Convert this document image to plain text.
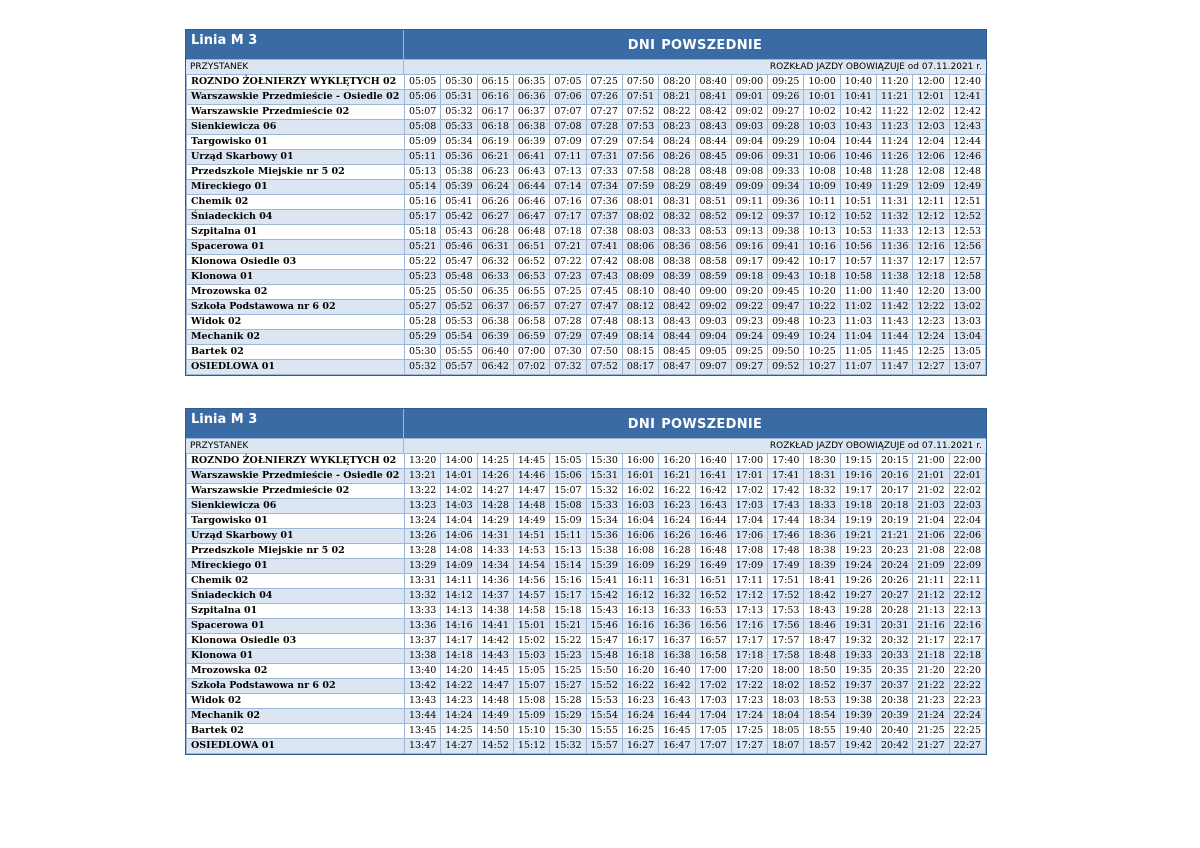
Linia M 3	DNI POWSZEDNIE
PRZYSTANEK	ROZKŁAD JAZDY OBOWIĄZUJE od 07.11.2021 r.
ROZNDO ŻOŁNIERZY WYKLĘTYCH 02	05:05	05:30	06:15	06:35	07:05	07:25	07:50	08:20	08:40	09:00	09:25	10:00	10:40	11:20	12:00	12:40
Warszawskie Przedmieście - Osiedle 02	05:06	05:31	06:16	06:36	07:06	07:26	07:51	08:21	08:41	09:01	09:26	10:01	10:41	11:21	12:01	12:41
Warszawskie Przedmieście 02	05:07	05:32	06:17	06:37	07:07	07:27	07:52	08:22	08:42	09:02	09:27	10:02	10:42	11:22	12:02	12:42
Sienkiewicza 06	05:08	05:33	06:18	06:38	07:08	07:28	07:53	08:23	08:43	09:03	09:28	10:03	10:43	11:23	12:03	12:43
Targowisko 01	05:09	05:34	06:19	06:39	07:09	07:29	07:54	08:24	08:44	09:04	09:29	10:04	10:44	11:24	12:04	12:44
Urząd Skarbowy 01	05:11	05:36	06:21	06:41	07:11	07:31	07:56	08:26	08:45	09:06	09:31	10:06	10:46	11:26	12:06	12:46
Przedszkole Miejskie nr 5 02	05:13	05:38	06:23	06:43	07:13	07:33	07:58	08:28	08:48	09:08	09:33	10:08	10:48	11:28	12:08	12:48
Mireckiego 01	05:14	05:39	06:24	06:44	07:14	07:34	07:59	08:29	08:49	09:09	09:34	10:09	10:49	11:29	12:09	12:49
Chemik 02	05:16	05:41	06:26	06:46	07:16	07:36	08:01	08:31	08:51	09:11	09:36	10:11	10:51	11:31	12:11	12:51
Śniadeckich 04	05:17	05:42	06:27	06:47	07:17	07:37	08:02	08:32	08:52	09:12	09:37	10:12	10:52	11:32	12:12	12:52
Szpitalna 01	05:18	05:43	06:28	06:48	07:18	07:38	08:03	08:33	08:53	09:13	09:38	10:13	10:53	11:33	12:13	12:53
Spacerowa 01	05:21	05:46	06:31	06:51	07:21	07:41	08:06	08:36	08:56	09:16	09:41	10:16	10:56	11:36	12:16	12:56
Klonowa Osiedle 03	05:22	05:47	06:32	06:52	07:22	07:42	08:08	08:38	08:58	09:17	09:42	10:17	10:57	11:37	12:17	12:57
Klonowa 01	05:23	05:48	06:33	06:53	07:23	07:43	08:09	08:39	08:59	09:18	09:43	10:18	10:58	11:38	12:18	12:58
Mrozowska 02	05:25	05:50	06:35	06:55	07:25	07:45	08:10	08:40	09:00	09:20	09:45	10:20	11:00	11:40	12:20	13:00
Szkoła Podstawowa nr 6 02	05:27	05:52	06:37	06:57	07:27	07:47	08:12	08:42	09:02	09:22	09:47	10:22	11:02	11:42	12:22	13:02
Widok 02	05:28	05:53	06:38	06:58	07:28	07:48	08:13	08:43	09:03	09:23	09:48	10:23	11:03	11:43	12:23	13:03
Mechanik 02	05:29	05:54	06:39	06:59	07:29	07:49	08:14	08:44	09:04	09:24	09:49	10:24	11:04	11:44	12:24	13:04
Bartek 02	05:30	05:55	06:40	07:00	07:30	07:50	08:15	08:45	09:05	09:25	09:50	10:25	11:05	11:45	12:25	13:05
OSIEDLOWA 01	05:32	05:57	06:42	07:02	07:32	07:52	08:17	08:47	09:07	09:27	09:52	10:27	11:07	11:47	12:27	13:07
Linia M 3	DNI POWSZEDNIE
PRZYSTANEK	ROZKŁAD JAZDY OBOWIĄZUJE od 07.11.2021 r.
ROZNDO ŻOŁNIERZY WYKLĘTYCH 02	13:20	14:00	14:25	14:45	15:05	15:30	16:00	16:20	16:40	17:00	17:40	18:30	19:15	20:15	21:00	22:00
Warszawskie Przedmieście - Osiedle 02	13:21	14:01	14:26	14:46	15:06	15:31	16:01	16:21	16:41	17:01	17:41	18:31	19:16	20:16	21:01	22:01
Warszawskie Przedmieście 02	13:22	14:02	14:27	14:47	15:07	15:32	16:02	16:22	16:42	17:02	17:42	18:32	19:17	20:17	21:02	22:02
Sienkiewicza 06	13:23	14:03	14:28	14:48	15:08	15:33	16:03	16:23	16:43	17:03	17:43	18:33	19:18	20:18	21:03	22:03
Targowisko 01	13:24	14:04	14:29	14:49	15:09	15:34	16:04	16:24	16:44	17:04	17:44	18:34	19:19	20:19	21:04	22:04
Urząd Skarbowy 01	13:26	14:06	14:31	14:51	15:11	15:36	16:06	16:26	16:46	17:06	17:46	18:36	19:21	21:21	21:06	22:06
Przedszkole Miejskie nr 5 02	13:28	14:08	14:33	14:53	15:13	15:38	16:08	16:28	16:48	17:08	17:48	18:38	19:23	20:23	21:08	22:08
Mireckiego 01	13:29	14:09	14:34	14:54	15:14	15:39	16:09	16:29	16:49	17:09	17:49	18:39	19:24	20:24	21:09	22:09
Chemik 02	13:31	14:11	14:36	14:56	15:16	15:41	16:11	16:31	16:51	17:11	17:51	18:41	19:26	20:26	21:11	22:11
Śniadeckich 04	13:32	14:12	14:37	14:57	15:17	15:42	16:12	16:32	16:52	17:12	17:52	18:42	19:27	20:27	21:12	22:12
Szpitalna 01	13:33	14:13	14:38	14:58	15:18	15:43	16:13	16:33	16:53	17:13	17:53	18:43	19:28	20:28	21:13	22:13
Spacerowa 01	13:36	14:16	14:41	15:01	15:21	15:46	16:16	16:36	16:56	17:16	17:56	18:46	19:31	20:31	21:16	22:16
Klonowa Osiedle 03	13:37	14:17	14:42	15:02	15:22	15:47	16:17	16:37	16:57	17:17	17:57	18:47	19:32	20:32	21:17	22:17
Klonowa 01	13:38	14:18	14:43	15:03	15:23	15:48	16:18	16:38	16:58	17:18	17:58	18:48	19:33	20:33	21:18	22:18
Mrozowska 02	13:40	14:20	14:45	15:05	15:25	15:50	16:20	16:40	17:00	17:20	18:00	18:50	19:35	20:35	21:20	22:20
Szkoła Podstawowa nr 6 02	13:42	14:22	14:47	15:07	15:27	15:52	16:22	16:42	17:02	17:22	18:02	18:52	19:37	20:37	21:22	22:22
Widok 02	13:43	14:23	14:48	15:08	15:28	15:53	16:23	16:43	17:03	17:23	18:03	18:53	19:38	20:38	21:23	22:23
Mechanik 02	13:44	14:24	14:49	15:09	15:29	15:54	16:24	16:44	17:04	17:24	18:04	18:54	19:39	20:39	21:24	22:24
Bartek 02	13:45	14:25	14:50	15:10	15:30	15:55	16:25	16:45	17:05	17:25	18:05	18:55	19:40	20:40	21:25	22:25
OSIEDLOWA 01	13:47	14:27	14:52	15:12	15:32	15:57	16:27	16:47	17:07	17:27	18:07	18:57	19:42	20:42	21:27	22:27
